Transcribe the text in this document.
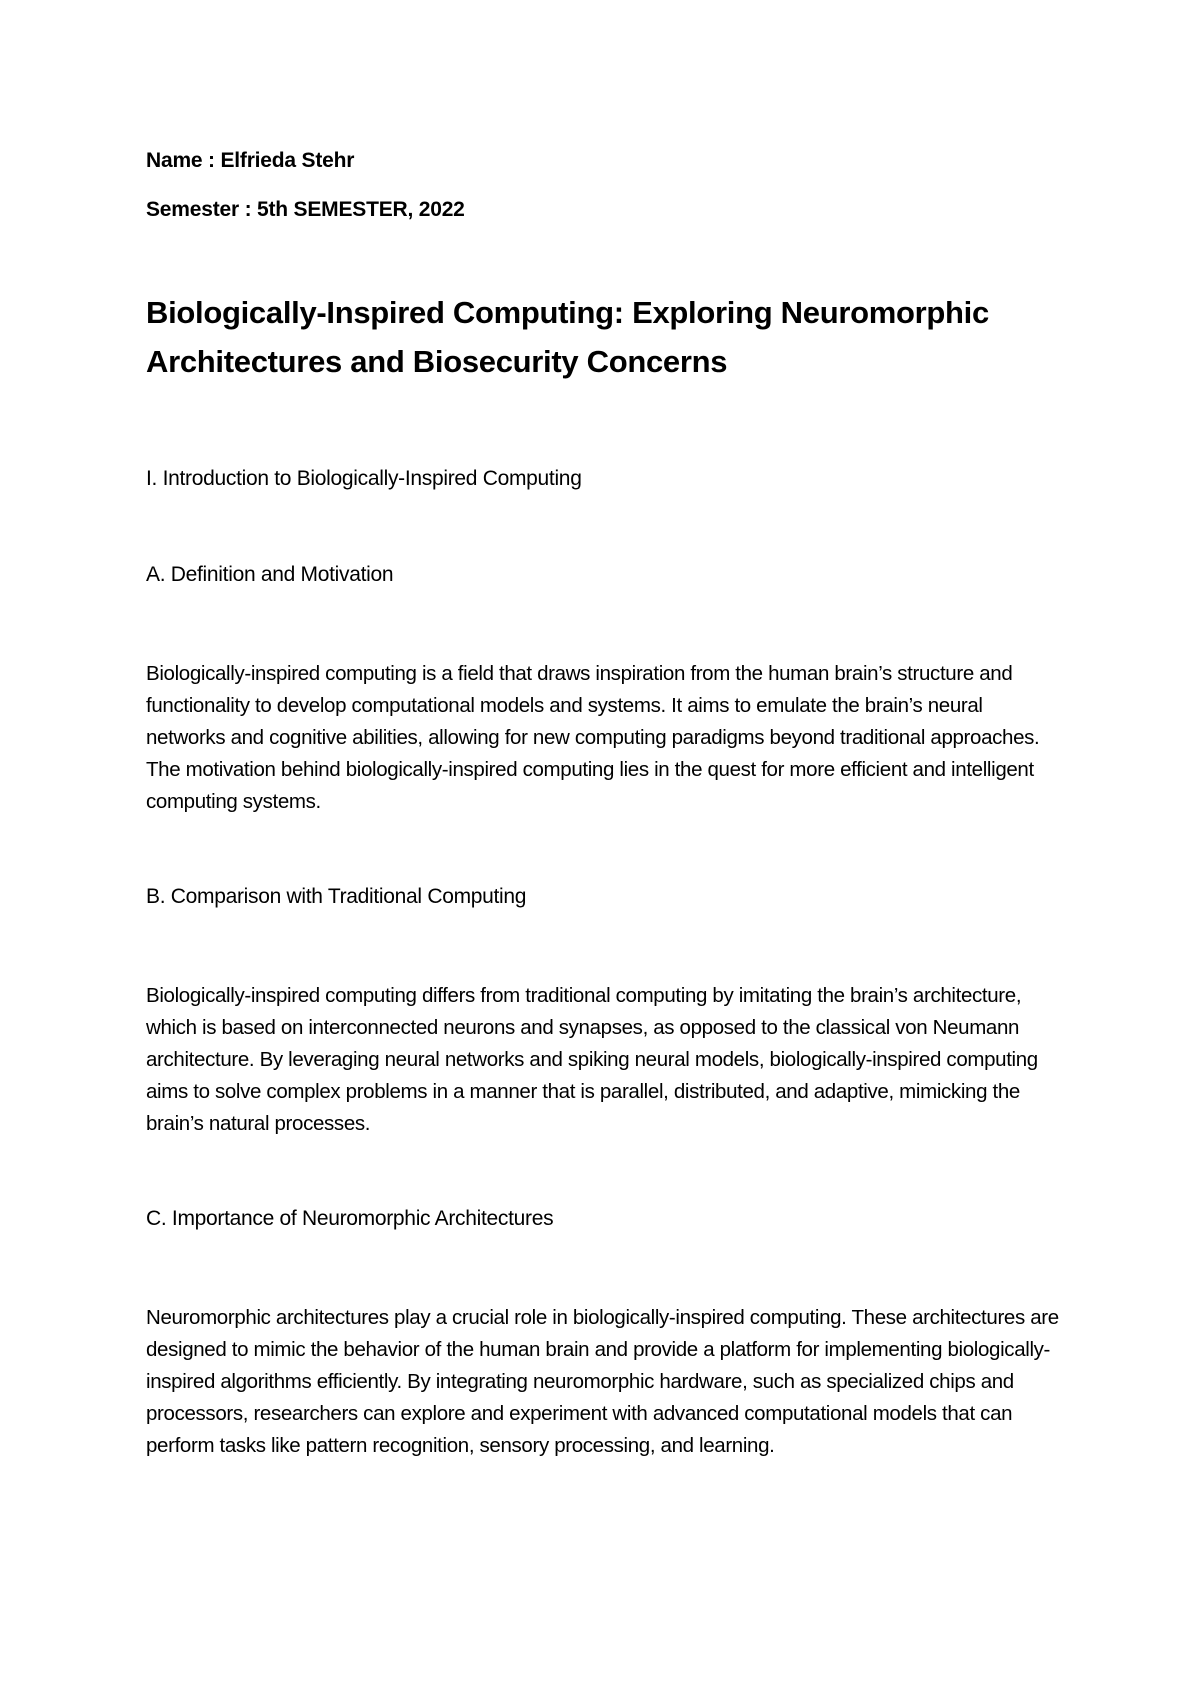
Name : Elfrieda Stehr
Semester : 5th SEMESTER, 2022
Biologically-Inspired Computing: Exploring Neuromorphic Architectures and Biosecurity Concerns
I. Introduction to Biologically-Inspired Computing
A. Definition and Motivation

Biologically-inspired computing is a field that draws inspiration from the human brain’s structure and functionality to develop computational models and systems. It aims to emulate the brain’s neural networks and cognitive abilities, allowing for new computing paradigms beyond traditional approaches. The motivation behind biologically-inspired computing lies in the quest for more efficient and intelligent computing systems.

B. Comparison with Traditional Computing

Biologically-inspired computing differs from traditional computing by imitating the brain’s architecture, which is based on interconnected neurons and synapses, as opposed to the classical von Neumann architecture. By leveraging neural networks and spiking neural models, biologically-inspired computing aims to solve complex problems in a manner that is parallel, distributed, and adaptive, mimicking the brain’s natural processes.

C. Importance of Neuromorphic Architectures

Neuromorphic architectures play a crucial role in biologically-inspired computing. These architectures are designed to mimic the behavior of the human brain and provide a platform for implementing biologically-inspired algorithms efficiently. By integrating neuromorphic hardware, such as specialized chips and processors, researchers can explore and experiment with advanced computational models that can perform tasks like pattern recognition, sensory processing, and learning.
